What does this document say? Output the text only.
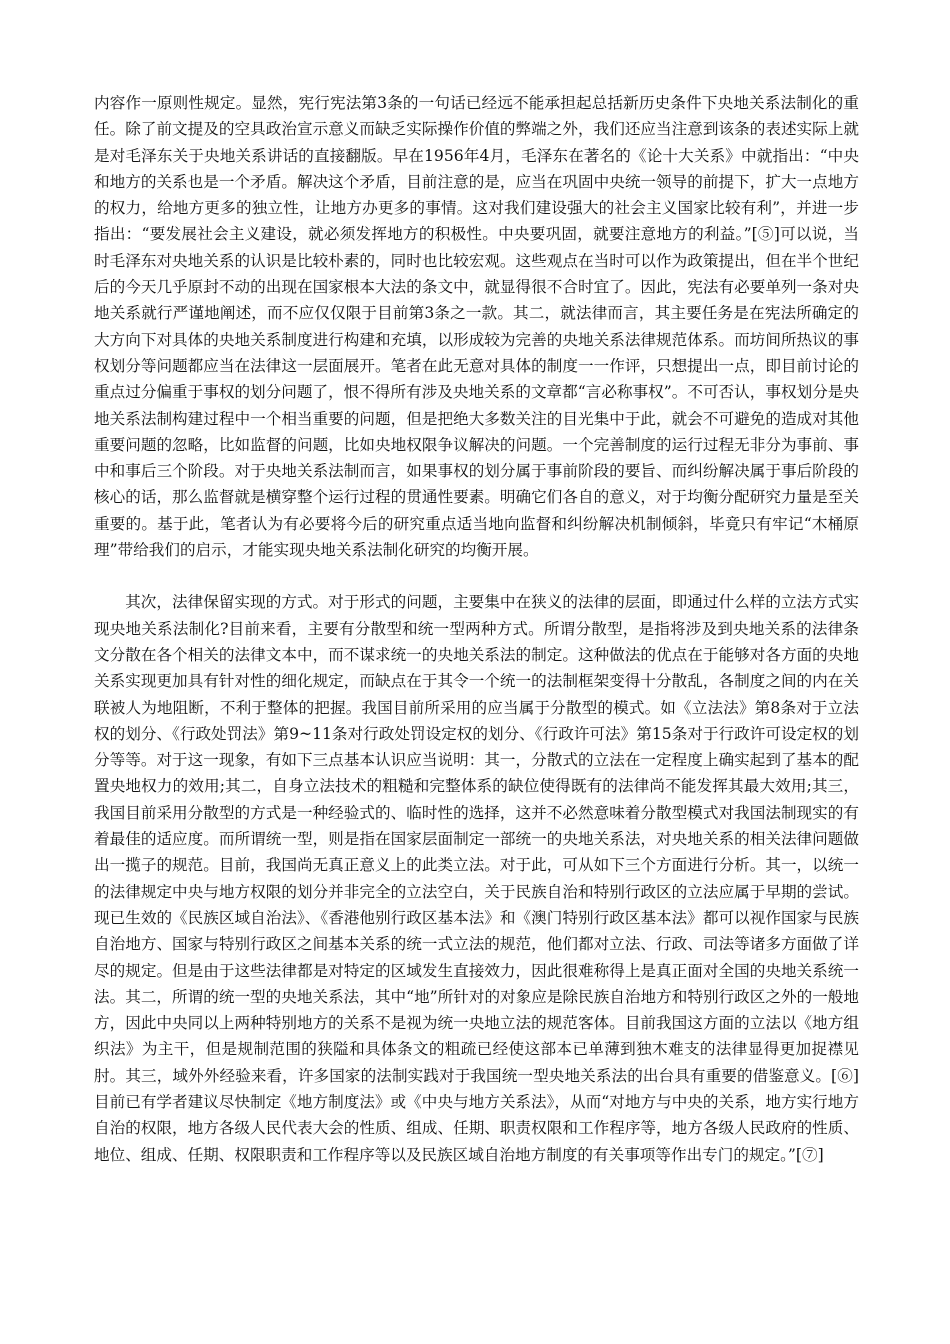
内容作一原则性规定。显然，宪行宪法第3条的一句话已经远不能承担起总括新历史条件下央地关系法制化的重任。除了前文提及的空具政治宣示意义而缺乏实际操作价值的弊端之外，我们还应当注意到该条的表述实际上就是对毛泽东关于央地关系讲话的直接翻版。早在1956年4月，毛泽东在著名的《论十大关系》中就指出：“中央和地方的关系也是一个矛盾。解决这个矛盾，目前注意的是，应当在巩固中央统一领导的前提下，扩大一点地方的权力，给地方更多的独立性，让地方办更多的事情。这对我们建设强大的社会主义国家比较有利”，并进一步指出：“要发展社会主义建设，就必须发挥地方的积极性。中央要巩固，就要注意地方的利益。”[⑤]可以说，当时毛泽东对央地关系的认识是比较朴素的，同时也比较宏观。这些观点在当时可以作为政策提出，但在半个世纪后的今天几乎原封不动的出现在国家根本大法的条文中，就显得很不合时宜了。因此，宪法有必要单列一条对央地关系就行严谨地阐述，而不应仅仅限于目前第3条之一款。其二，就法律而言，其主要任务是在宪法所确定的大方向下对具体的央地关系制度进行构建和充填，以形成较为完善的央地关系法律规范体系。而坊间所热议的事权划分等问题都应当在法律这一层面展开。笔者在此无意对具体的制度一一作评，只想提出一点，即目前讨论的重点过分偏重于事权的划分问题了，恨不得所有涉及央地关系的文章都“言必称事权”。不可否认，事权划分是央地关系法制构建过程中一个相当重要的问题，但是把绝大多数关注的目光集中于此，就会不可避免的造成对其他重要问题的忽略，比如监督的问题，比如央地权限争议解决的问题。一个完善制度的运行过程无非分为事前、事中和事后三个阶段。对于央地关系法制而言，如果事权的划分属于事前阶段的要旨、而纠纷解决属于事后阶段的核心的话，那么监督就是横穿整个运行过程的贯通性要素。明确它们各自的意义，对于均衡分配研究力量是至关重要的。基于此，笔者认为有必要将今后的研究重点适当地向监督和纠纷解决机制倾斜，毕竟只有牢记“木桶原理”带给我们的启示，才能实现央地关系法制化研究的均衡开展。

其次，法律保留实现的方式。对于形式的问题，主要集中在狭义的法律的层面，即通过什么样的立法方式实现央地关系法制化?目前来看，主要有分散型和统一型两种方式。所谓分散型，是指将涉及到央地关系的法律条文分散在各个相关的法律文本中，而不谋求统一的央地关系法的制定。这种做法的优点在于能够对各方面的央地关系实现更加具有针对性的细化规定，而缺点在于其令一个统一的法制框架变得十分散乱，各制度之间的内在关联被人为地阻断，不利于整体的把握。我国目前所采用的应当属于分散型的模式。如《立法法》第8条对于立法权的划分、《行政处罚法》第9~11条对行政处罚设定权的划分、《行政许可法》第15条对于行政许可设定权的划分等等。对于这一现象，有如下三点基本认识应当说明：其一，分散式的立法在一定程度上确实起到了基本的配置央地权力的效用;其二，自身立法技术的粗糙和完整体系的缺位使得既有的法律尚不能发挥其最大效用;其三，我国目前采用分散型的方式是一种经验式的、临时性的选择，这并不必然意味着分散型模式对我国法制现实的有着最佳的适应度。而所谓统一型，则是指在国家层面制定一部统一的央地关系法，对央地关系的相关法律问题做出一揽子的规范。目前，我国尚无真正意义上的此类立法。对于此，可从如下三个方面进行分析。其一，以统一的法律规定中央与地方权限的划分并非完全的立法空白，关于民族自治和特别行政区的立法应属于早期的尝试。现已生效的《民族区域自治法》、《香港他别行政区基本法》和《澳门特别行政区基本法》都可以视作国家与民族自治地方、国家与特别行政区之间基本关系的统一式立法的规范，他们都对立法、行政、司法等诸多方面做了详尽的规定。但是由于这些法律都是对特定的区域发生直接效力，因此很难称得上是真正面对全国的央地关系统一法。其二，所谓的统一型的央地关系法，其中“地”所针对的对象应是除民族自治地方和特别行政区之外的一般地方，因此中央同以上两种特别地方的关系不是视为统一央地立法的规范客体。目前我国这方面的立法以《地方组织法》为主干，但是规制范围的狭隘和具体条文的粗疏已经使这部本已单薄到独木难支的法律显得更加捉襟见肘。其三，域外外经验来看，许多国家的法制实践对于我国统一型央地关系法的出台具有重要的借鉴意义。[⑥]目前已有学者建议尽快制定《地方制度法》或《中央与地方关系法》，从而“对地方与中央的关系，地方实行地方自治的权限，地方各级人民代表大会的性质、组成、任期、职责权限和工作程序等，地方各级人民政府的性质、地位、组成、任期、权限职责和工作程序等以及民族区域自治地方制度的有关事项等作出专门的规定。”[⑦]
